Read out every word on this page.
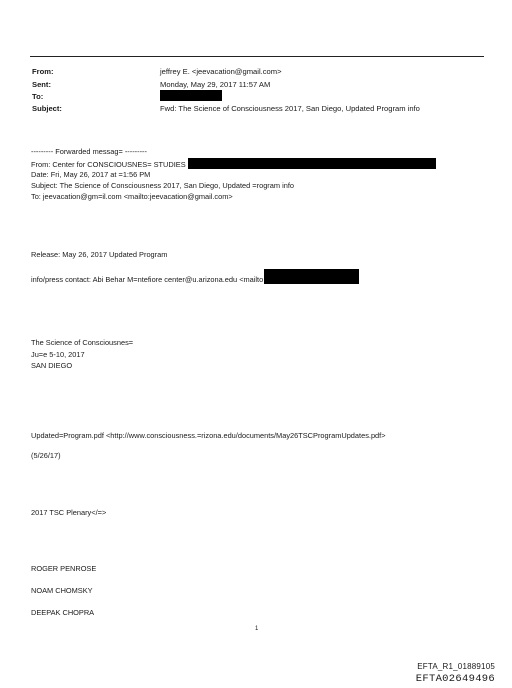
From:	jeffrey E. <jeevacation@gmail.com>
Sent:	Monday, May 29, 2017 11:57 AM
To:
Subject:	Fwd: The Science of Consciousness 2017, San Diego, Updated Program info
--------- Forwarded messag= ---------
From: Center for CONSCIOUSNES= STUDIES
Date: Fri, May 26, 2017 at =1:56 PM
Subject: The Science of Consciousness 2017, San Diego, Updated =rogram info
To: jeevacation@gm=il.com <mailto:jeevacation@gmail.com>
Release: May 26, 2017 Updated Program
info/press contact: Abi Behar M=ntefiore center@u.arizona.edu <mailto
The Science of Consciousnes=
Ju=e 5-10, 2017
SAN DIEGO
Updated=Program.pdf <http://www.consciousness.=rizona.edu/documents/May26TSCProgramUpdates.pdf>
(5/26/17)
2017 TSC Plenary</=>
ROGER PENROSE
NOAM CHOMSKY
DEEPAK CHOPRA
1
EFTA_R1_01889105
EFTA02649496
